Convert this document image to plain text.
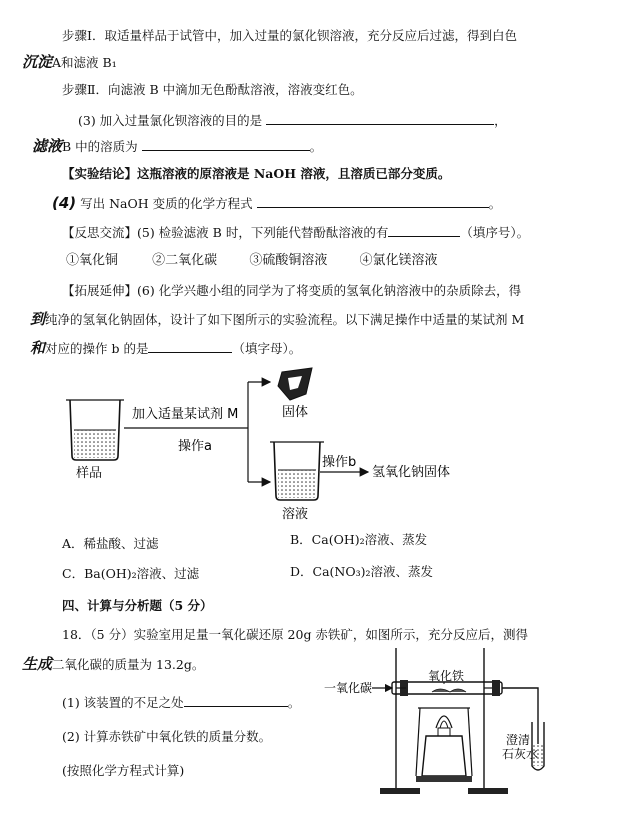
步骤Ⅰ．取适量样品于试管中，加入过量的氯化钡溶液，充分反应后过滤，得到白色
沉淀A和滤液 B₁
步骤Ⅱ．向滤液 B 中滴加无色酚酞溶液，溶液变红色。
(3) 加入过量氯化钡溶液的目的是	，
滤液B 中的溶质为	。
【实验结论】这瓶溶液的原溶液是 NaOH 溶液，且溶质已部分变质。
(4) 写出 NaOH 变质的化学方程式	。
【反思交流】(5) 检验滤液 B 时，下列能代替酚酞溶液的有	（填序号）。
①氧化铜	②二氧化碳 ③硫酸铜溶液 ④氯化镁溶液
【拓展延伸】(6) 化学兴趣小组的同学为了将变质的氢氧化钠溶液中的杂质除去，得
到纯净的氢氧化钠固体，设计了如下图所示的实验流程。以下满足操作中适量的某试剂 M
和对应的操作 b 的是	（填字母）。
样品
加入适量某试剂 M
操作a
固体
溶液
操作b
氢氧化钠固体
A．稀盐酸、过滤	B．Ca(OH)₂溶液、蒸发
C．Ba(OH)₂溶液、过滤	D．Ca(NO₃)₂溶液、蒸发
四、计算与分析题（5 分）
18．（5 分）实验室用足量一氧化碳还原 20g 赤铁矿，如图所示，充分反应后，测得
生成二氧化碳的质量为 13.2g。
(1) 该装置的不足之处	。
(2) 计算赤铁矿中氧化铁的质量分数。
(按照化学方程式计算)
一氧化碳
氧化铁
澄清
石灰水
